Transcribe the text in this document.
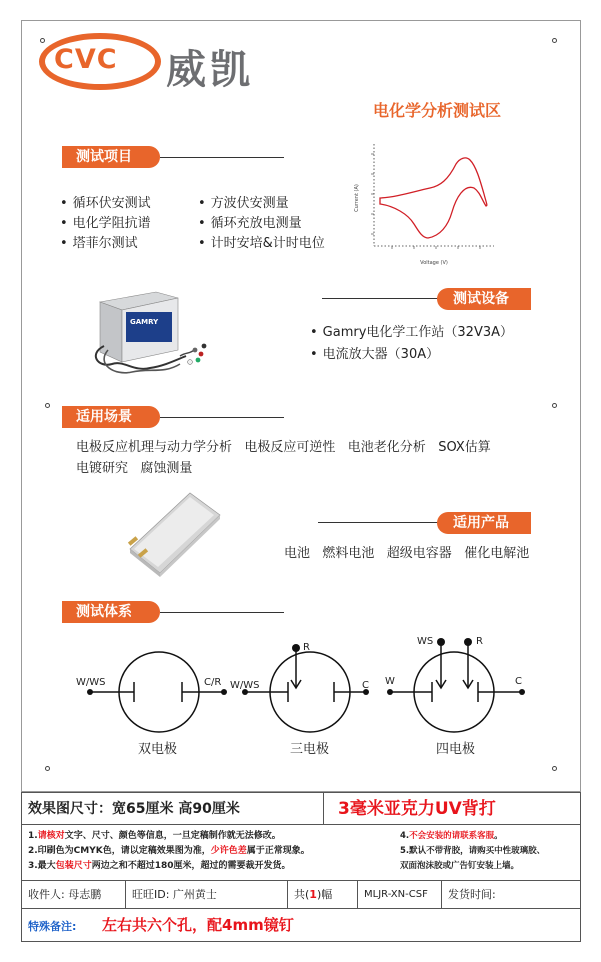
CVC 威凯
电化学分析测试区
测试项目
• 循环伏安测试
• 电化学阻抗谱
• 塔菲尔测试
• 方波伏安测量
• 循环充放电测量
• 计时安培&计时电位
Current (A)
Voltage (V)
测试设备
GAMRY
• Gamry电化学工作站（32V3A）
• 电流放大器（30A）
适用场景
电极反应机理与动力学分析   电极反应可逆性   电池老化分析   SOX估算
电镀研究   腐蚀测量
适用产品
电池   燃料电池   超级电容器   催化电解池
测试体系
W/WS	C/R
双电极
W/WS
R
C
三电极
W
WS	R
C
四电极
效果图尺寸：宽65厘米 高90厘米	3毫米亚克力UV背打
1.请核对文字、尺寸、颜色等信息，一旦定稿制作就无法修改。
2.印刷色为CMYK色，请以定稿效果图为准，少许色差属于正常现象。
3.最大包装尺寸两边之和不超过180厘米，超过的需要裁开发货。
4.不会安装的请联系客服。
5.默认不带背胶，请购买中性玻璃胶、
双面泡沫胶或广告钉安装上墙。
收件人: 母志鹏	旺旺ID: 广州黄士	共(1)幅	MLJR-XN-CSF	发货时间:
特殊备注: 左右共六个孔，配4mm镜钉
